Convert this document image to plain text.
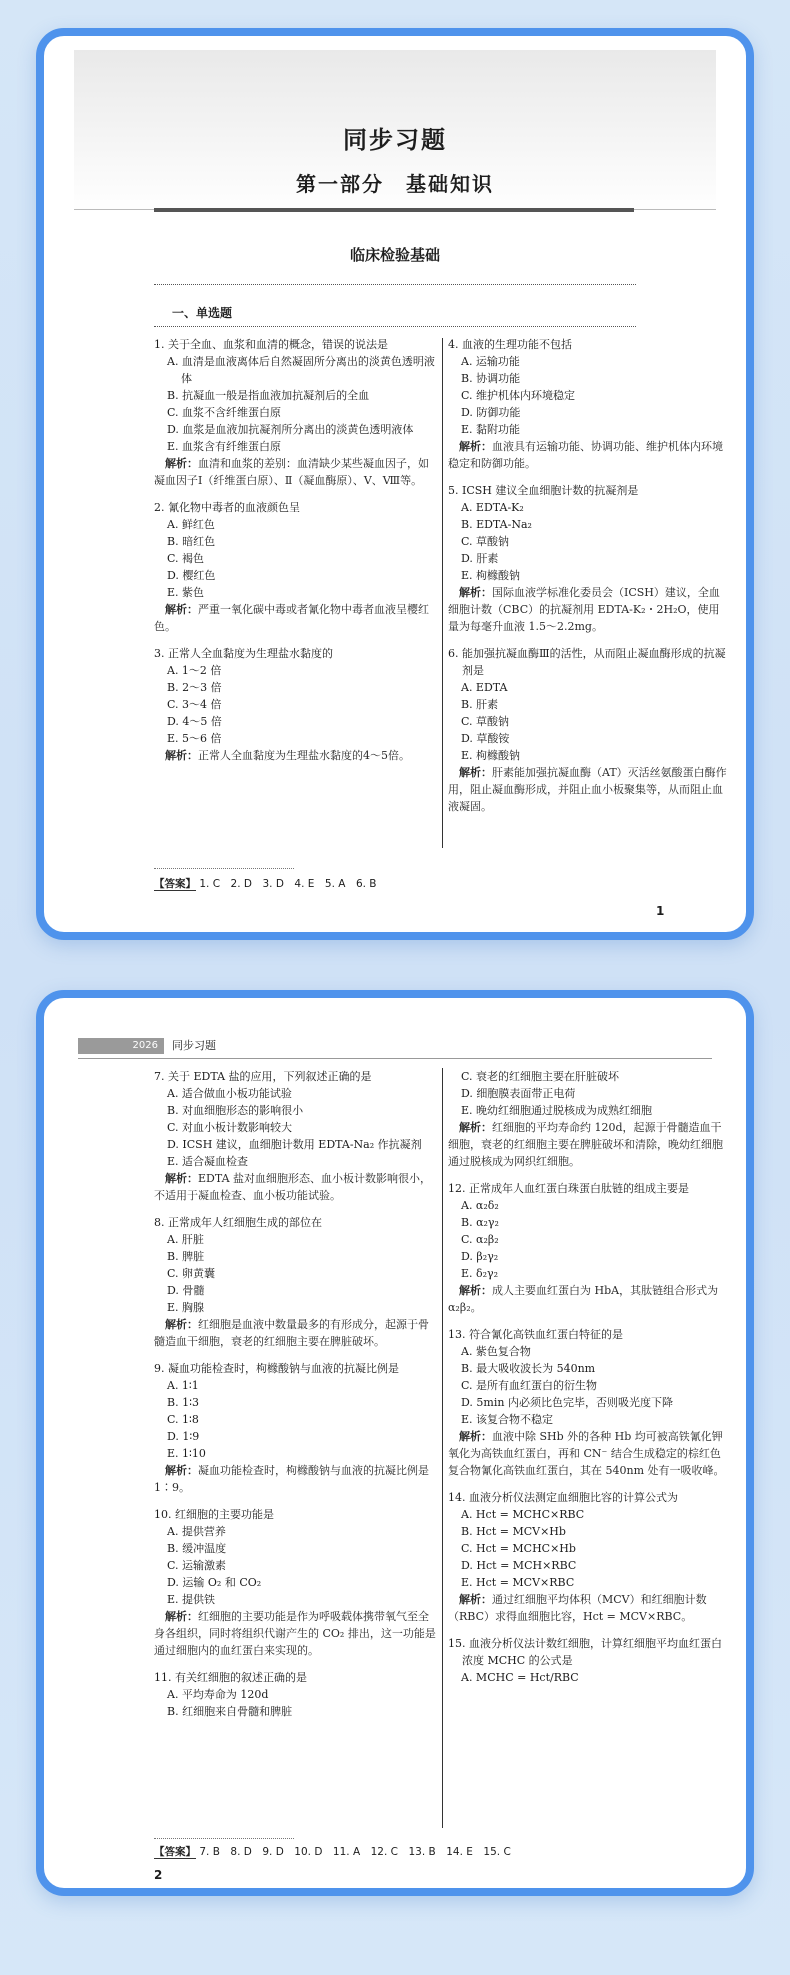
同步习题
第一部分　基础知识
临床检验基础
一、单选题
1. 关于全血、血浆和血清的概念，错误的说法是
A. 血清是血液离体后自然凝固所分离出的淡黄色透明液体
B. 抗凝血一般是指血液加抗凝剂后的全血
C. 血浆不含纤维蛋白原
D. 血浆是血液加抗凝剂所分离出的淡黄色透明液体
E. 血浆含有纤维蛋白原
解析：血清和血浆的差别：血清缺少某些凝血因子，如凝血因子Ⅰ（纤维蛋白原）、Ⅱ（凝血酶原）、Ⅴ、Ⅷ等。
2. 氰化物中毒者的血液颜色呈
A. 鲜红色
B. 暗红色
C. 褐色
D. 樱红色
E. 紫色
解析：严重一氧化碳中毒或者氰化物中毒者血液呈樱红色。
3. 正常人全血黏度为生理盐水黏度的
A. 1～2 倍
B. 2～3 倍
C. 3～4 倍
D. 4～5 倍
E. 5～6 倍
解析：正常人全血黏度为生理盐水黏度的4～5倍。
4. 血液的生理功能不包括
A. 运输功能
B. 协调功能
C. 维护机体内环境稳定
D. 防御功能
E. 黏附功能
解析：血液具有运输功能、协调功能、维护机体内环境稳定和防御功能。
5. ICSH 建议全血细胞计数的抗凝剂是
A. EDTA-K₂
B. EDTA-Na₂
C. 草酸钠
D. 肝素
E. 枸橼酸钠
解析：国际血液学标准化委员会（ICSH）建议，全血细胞计数（CBC）的抗凝剂用 EDTA-K₂・2H₂O，使用量为每毫升血液 1.5～2.2mg。
6. 能加强抗凝血酶Ⅲ的活性，从而阻止凝血酶形成的抗凝剂是
A. EDTA
B. 肝素
C. 草酸钠
D. 草酸铵
E. 枸橼酸钠
解析：肝素能加强抗凝血酶（AT）灭活丝氨酸蛋白酶作用，阻止凝血酶形成，并阻止血小板聚集等，从而阻止血液凝固。
【答案】 1. C　2. D　3. D　4. E　5. A　6. B
1
2026	同步习题
7. 关于 EDTA 盐的应用，下列叙述正确的是
A. 适合做血小板功能试验
B. 对血细胞形态的影响很小
C. 对血小板计数影响较大
D. ICSH 建议，血细胞计数用 EDTA-Na₂ 作抗凝剂
E. 适合凝血检查
解析：EDTA 盐对血细胞形态、血小板计数影响很小，不适用于凝血检查、血小板功能试验。
8. 正常成年人红细胞生成的部位在
A. 肝脏
B. 脾脏
C. 卵黄囊
D. 骨髓
E. 胸腺
解析：红细胞是血液中数量最多的有形成分，起源于骨髓造血干细胞，衰老的红细胞主要在脾脏破坏。
9. 凝血功能检查时，枸橼酸钠与血液的抗凝比例是
A. 1∶1
B. 1∶3
C. 1∶8
D. 1∶9
E. 1∶10
解析：凝血功能检查时，枸橼酸钠与血液的抗凝比例是 1∶9。
10. 红细胞的主要功能是
A. 提供营养
B. 缓冲温度
C. 运输激素
D. 运输 O₂ 和 CO₂
E. 提供铁
解析：红细胞的主要功能是作为呼吸载体携带氧气至全身各组织，同时将组织代谢产生的 CO₂ 排出，这一功能是通过细胞内的血红蛋白来实现的。
11. 有关红细胞的叙述正确的是
A. 平均寿命为 120d
B. 红细胞来自骨髓和脾脏
C. 衰老的红细胞主要在肝脏破坏
D. 细胞膜表面带正电荷
E. 晚幼红细胞通过脱核成为成熟红细胞
解析：红细胞的平均寿命约 120d，起源于骨髓造血干细胞，衰老的红细胞主要在脾脏破坏和清除，晚幼红细胞通过脱核成为网织红细胞。
12. 正常成年人血红蛋白珠蛋白肽链的组成主要是
A. α₂δ₂
B. α₂γ₂
C. α₂β₂
D. β₂γ₂
E. δ₂γ₂
解析：成人主要血红蛋白为 HbA，其肽链组合形式为 α₂β₂。
13. 符合氰化高铁血红蛋白特征的是
A. 紫色复合物
B. 最大吸收波长为 540nm
C. 是所有血红蛋白的衍生物
D. 5min 内必须比色完毕，否则吸光度下降
E. 该复合物不稳定
解析：血液中除 SHb 外的各种 Hb 均可被高铁氰化钾氧化为高铁血红蛋白，再和 CN⁻ 结合生成稳定的棕红色复合物氰化高铁血红蛋白，其在 540nm 处有一吸收峰。
14. 血液分析仪法测定血细胞比容的计算公式为
A. Hct = MCHC×RBC
B. Hct = MCV×Hb
C. Hct = MCHC×Hb
D. Hct = MCH×RBC
E. Hct = MCV×RBC
解析：通过红细胞平均体积（MCV）和红细胞计数（RBC）求得血细胞比容，Hct = MCV×RBC。
15. 血液分析仪法计数红细胞，计算红细胞平均血红蛋白浓度 MCHC 的公式是
A. MCHC = Hct/RBC
【答案】 7. B　8. D　9. D　10. D　11. A　12. C　13. B　14. E　15. C
2
